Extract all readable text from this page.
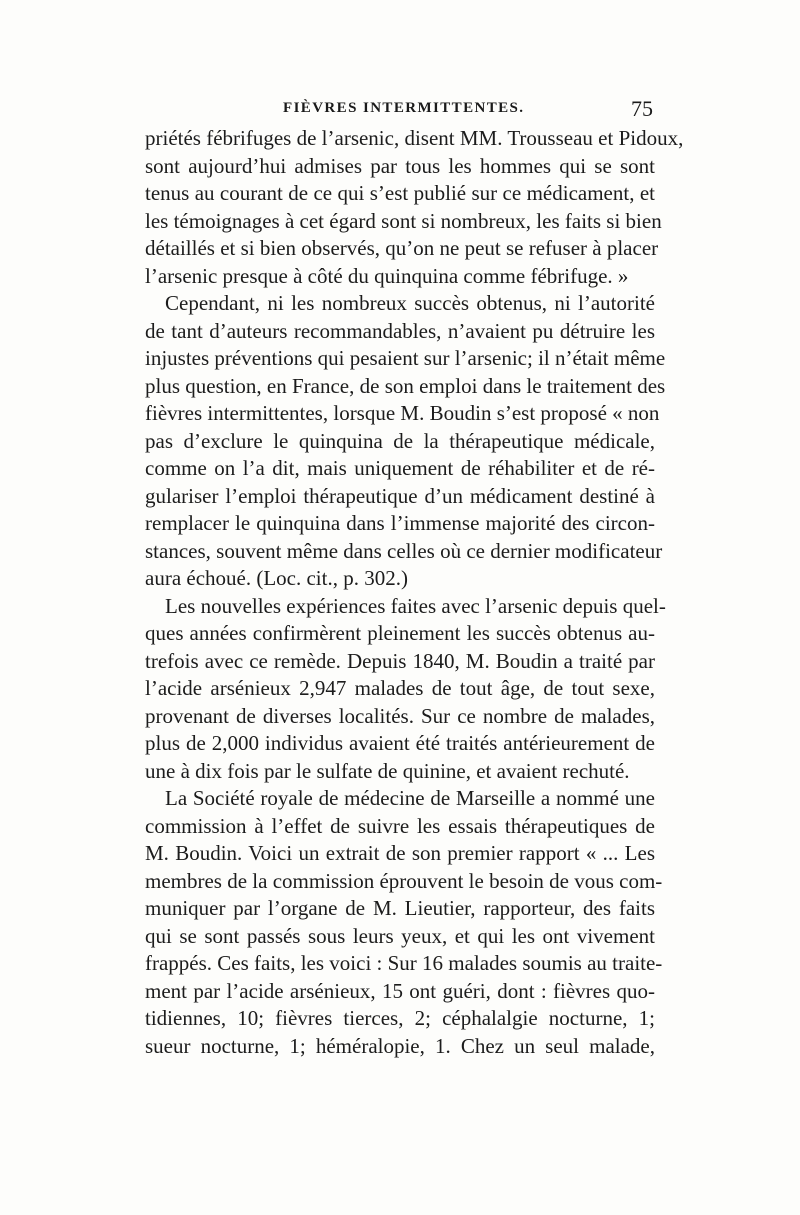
FIÈVRES INTERMITTENTES.	75
priétés fébrifuges de l’arsenic, disent MM. Trousseau et Pidoux,
sont aujourd’hui admises par tous les hommes qui se sont
tenus au courant de ce qui s’est publié sur ce médicament, et
les témoignages à cet égard sont si nombreux, les faits si bien
détaillés et si bien observés, qu’on ne peut se refuser à placer
l’arsenic presque à côté du quinquina comme fébrifuge. »
Cependant, ni les nombreux succès obtenus, ni l’autorité
de tant d’auteurs recommandables, n’avaient pu détruire les
injustes préventions qui pesaient sur l’arsenic; il n’était même
plus question, en France, de son emploi dans le traitement des
fièvres intermittentes, lorsque M. Boudin s’est proposé « non
pas d’exclure le quinquina de la thérapeutique médicale,
comme on l’a dit, mais uniquement de réhabiliter et de ré-
gulariser l’emploi thérapeutique d’un médicament destiné à
remplacer le quinquina dans l’immense majorité des circon-
stances, souvent même dans celles où ce dernier modificateur
aura échoué. (Loc. cit., p. 302.)
Les nouvelles expériences faites avec l’arsenic depuis quel-
ques années confirmèrent pleinement les succès obtenus au-
trefois avec ce remède. Depuis 1840, M. Boudin a traité par
l’acide arsénieux 2,947 malades de tout âge, de tout sexe,
provenant de diverses localités. Sur ce nombre de malades,
plus de 2,000 individus avaient été traités antérieurement de
une à dix fois par le sulfate de quinine, et avaient rechuté.
La Société royale de médecine de Marseille a nommé une
commission à l’effet de suivre les essais thérapeutiques de
M. Boudin. Voici un extrait de son premier rapport « ... Les
membres de la commission éprouvent le besoin de vous com-
muniquer par l’organe de M. Lieutier, rapporteur, des faits
qui se sont passés sous leurs yeux, et qui les ont vivement
frappés. Ces faits, les voici : Sur 16 malades soumis au traite-
ment par l’acide arsénieux, 15 ont guéri, dont : fièvres quo-
tidiennes, 10; fièvres tierces, 2; céphalalgie nocturne, 1;
sueur nocturne, 1; héméralopie, 1. Chez un seul malade,
